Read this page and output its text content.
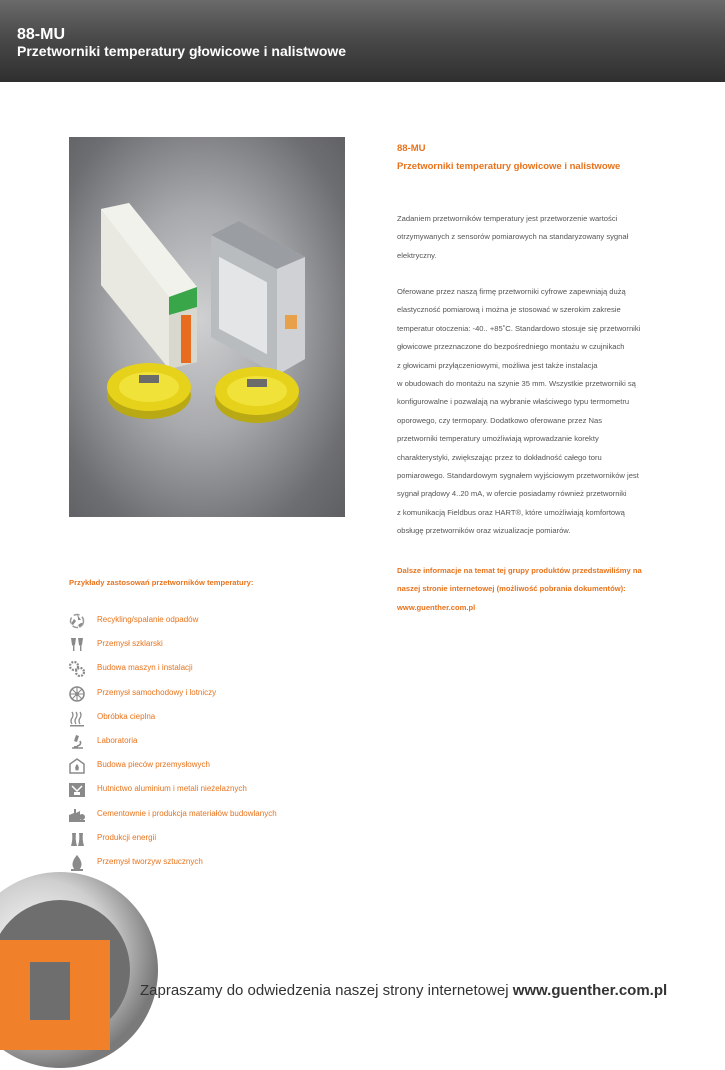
88-MU
Przetworniki temperatury głowicowe i nalistwowe
88-MU
Przetworniki temperatury głowicowe i nalistwowe
Zadaniem przetworników temperatury jest przetworzenie wartości
otrzymywanych z sensorów pomiarowych na standaryzowany sygnał
elektryczny.
Oferowane przez naszą firmę przetworniki cyfrowe zapewniają dużą
elastyczność pomiarową i można je stosować w szerokim zakresie
temperatur otoczenia: -40.. +85˚C. Standardowo stosuje się przetworniki
głowicowe przeznaczone do bezpośredniego montażu w czujnikach
z głowicami przyłączeniowymi, możliwa jest także instalacja
w obudowach do montażu na szynie 35 mm. Wszystkie przetworniki są
konfigurowalne i pozwalają na wybranie właściwego typu termometru
oporowego, czy termopary. Dodatkowo oferowane przez Nas
przetworniki temperatury umożliwiają wprowadzanie korekty
charakterystyki, zwiększając przez to dokładność całego toru
pomiarowego. Standardowym sygnałem wyjściowym przetworników jest
sygnał prądowy 4..20 mA, w ofercie posiadamy również przetworniki
z komunikacją Fieldbus oraz HART®, które umożliwiają komfortową
obsługę przetworników oraz wizualizacje pomiarów.
Dalsze informacje na temat tej grupy produktów przedstawiliśmy na
naszej stronie internetowej (możliwość pobrania dokumentów):
www.guenther.com.pl
Przykłady zastosowań przetworników temperatury:
Recykling/spalanie odpadów
Przemysł szklarski
Budowa maszyn i instalacji
Przemysł samochodowy i lotniczy
Obróbka cieplna
Laboratoria
Budowa pieców przemysłowych
Hutnictwo aluminium i metali nieżelaznych
Cementownie i produkcja materiałów budowlanych
Produkcji energii
Przemysł tworzyw sztucznych
Zapraszamy do odwiedzenia naszej strony internetowej www.guenther.com.pl
